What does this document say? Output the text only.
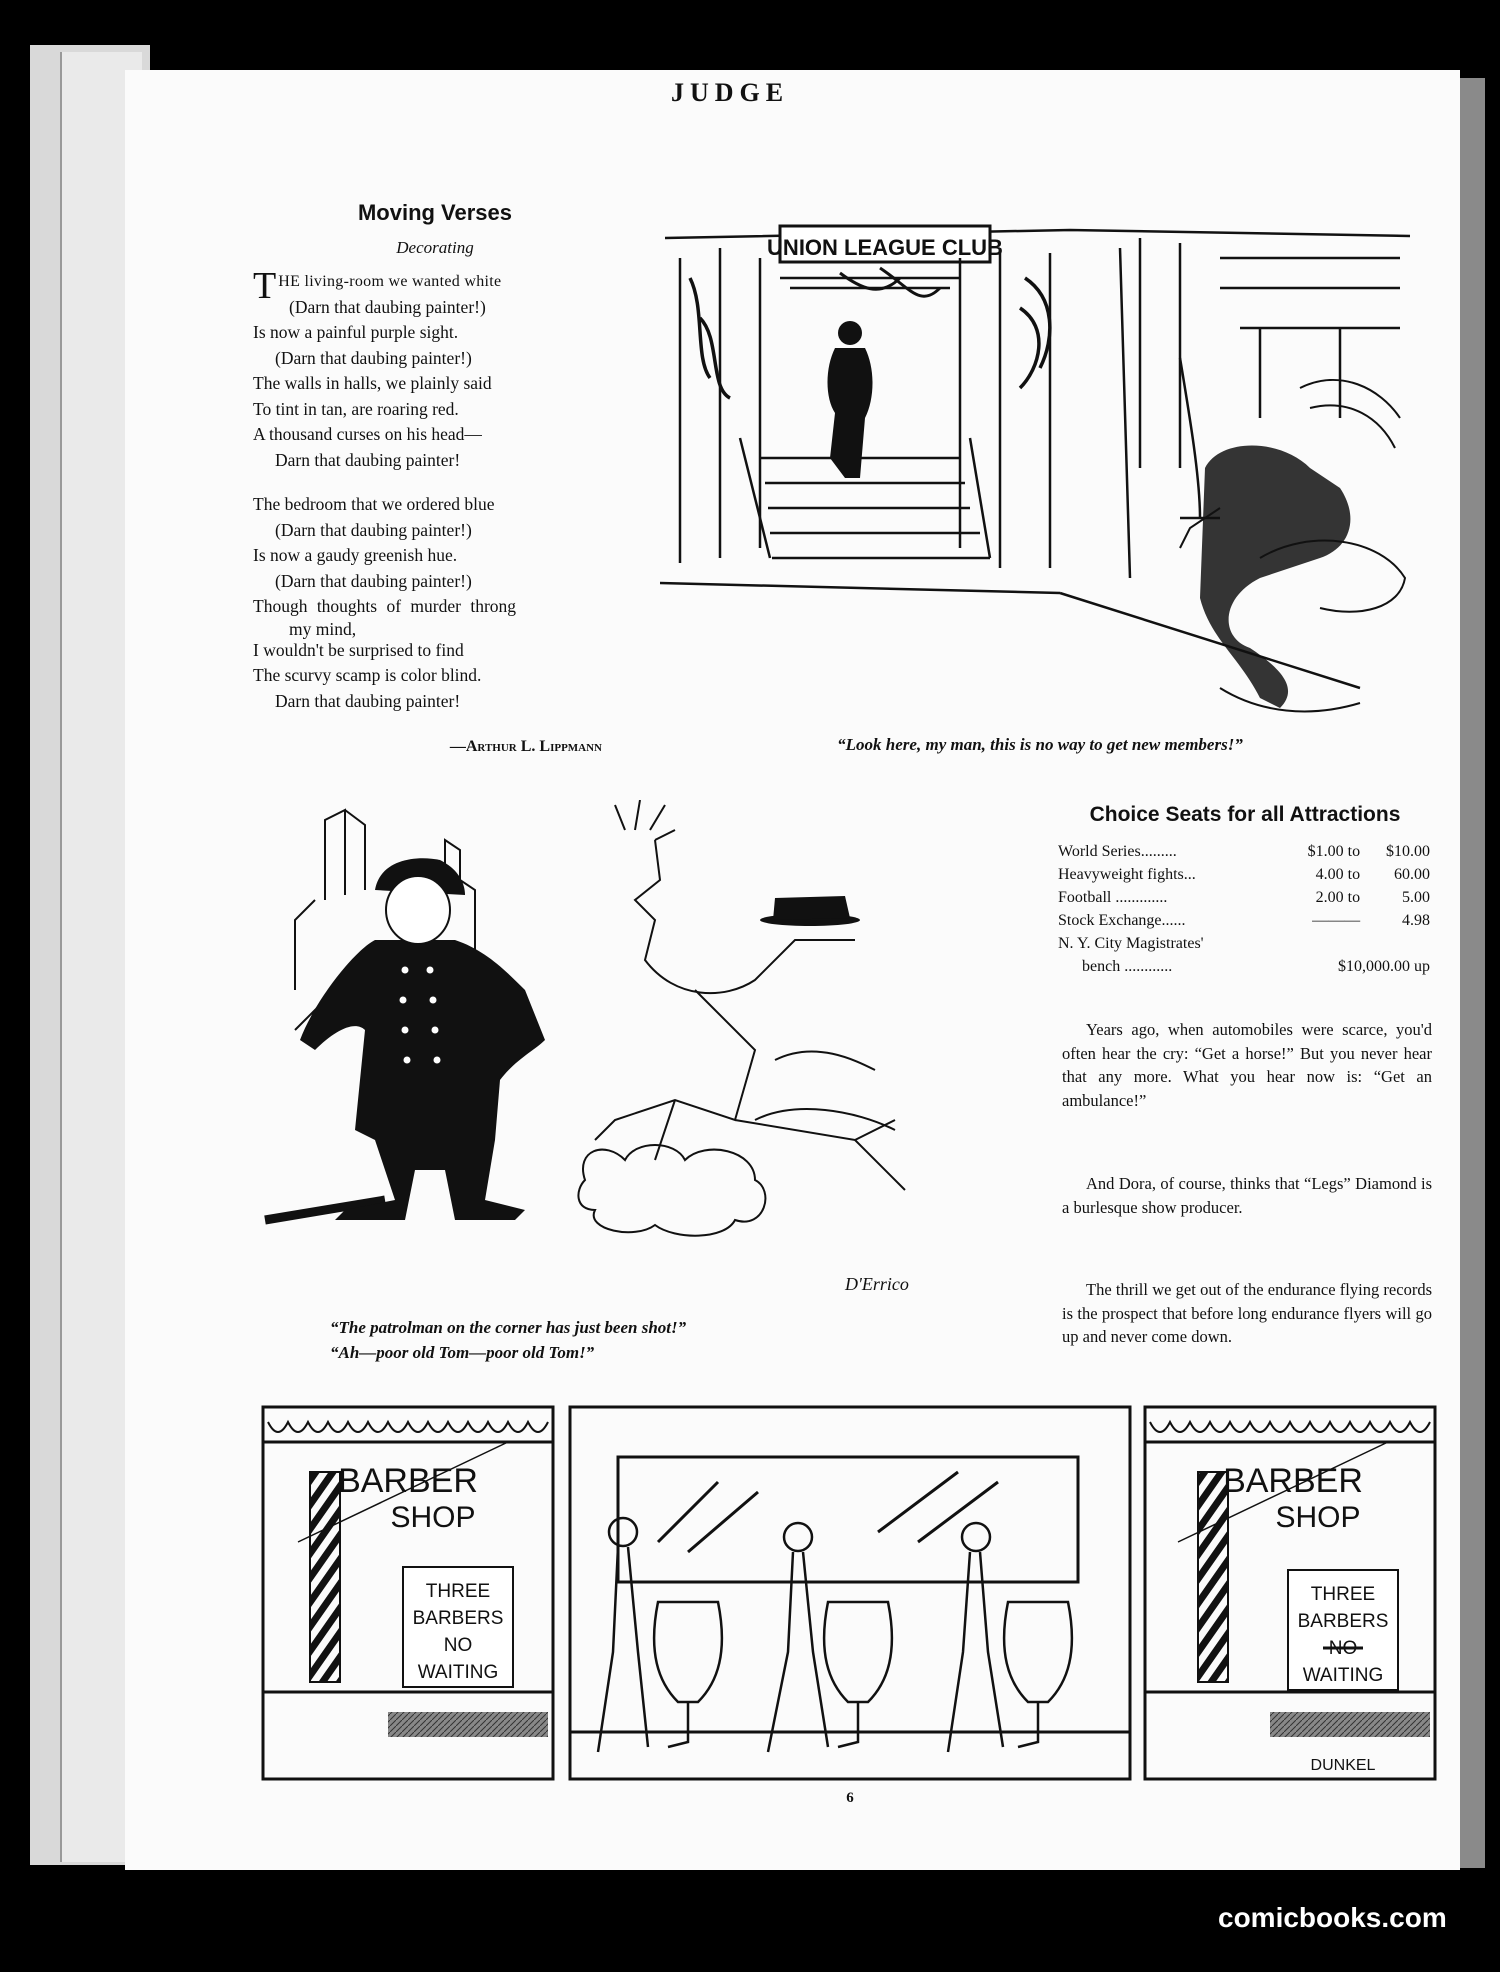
JUDGE
Moving Verses
Decorating
THE living-room we wanted white
(Darn that daubing painter!)
Is now a painful purple sight.
(Darn that daubing painter!)
The walls in halls, we plainly said
To tint in tan, are roaring red.
A thousand curses on his head—
Darn that daubing painter!
The bedroom that we ordered blue
(Darn that daubing painter!)
Is now a gaudy greenish hue.
(Darn that daubing painter!)
Though thoughts of murder throng
my mind,
I wouldn't be surprised to find
The scurvy scamp is color blind.
Darn that daubing painter!
—Arthur L. Lippmann
UNION LEAGUE CLUB
“Look here, my man, this is no way to get new members!”
Choice Seats for all Attractions
World Series.........	$1.00 to	$10.00
Heavyweight fights...	4.00 to	60.00
Football .............	2.00 to	5.00
Stock Exchange......	———	4.98
N. Y. City Magistrates'		
bench ............	$10,000.00 up	
Years ago, when automobiles were scarce, you'd often hear the cry: “Get a horse!” But you never hear that any more. What you hear now is: “Get an ambulance!”
And Dora, of course, thinks that “Legs” Diamond is a burlesque show producer.
The thrill we get out of the endurance flying records is the prospect that before long endurance flyers will go up and never come down.
D'Errico
“The patrolman on the corner has just been shot!”
“Ah—poor old Tom—poor old Tom!”
BARBER
SHOP
BARBER
SHOP
THREE
BARBERS
NO
WAITING
THREE
BARBERS
NO
WAITING
DUNKEL
6
comicbooks.com
